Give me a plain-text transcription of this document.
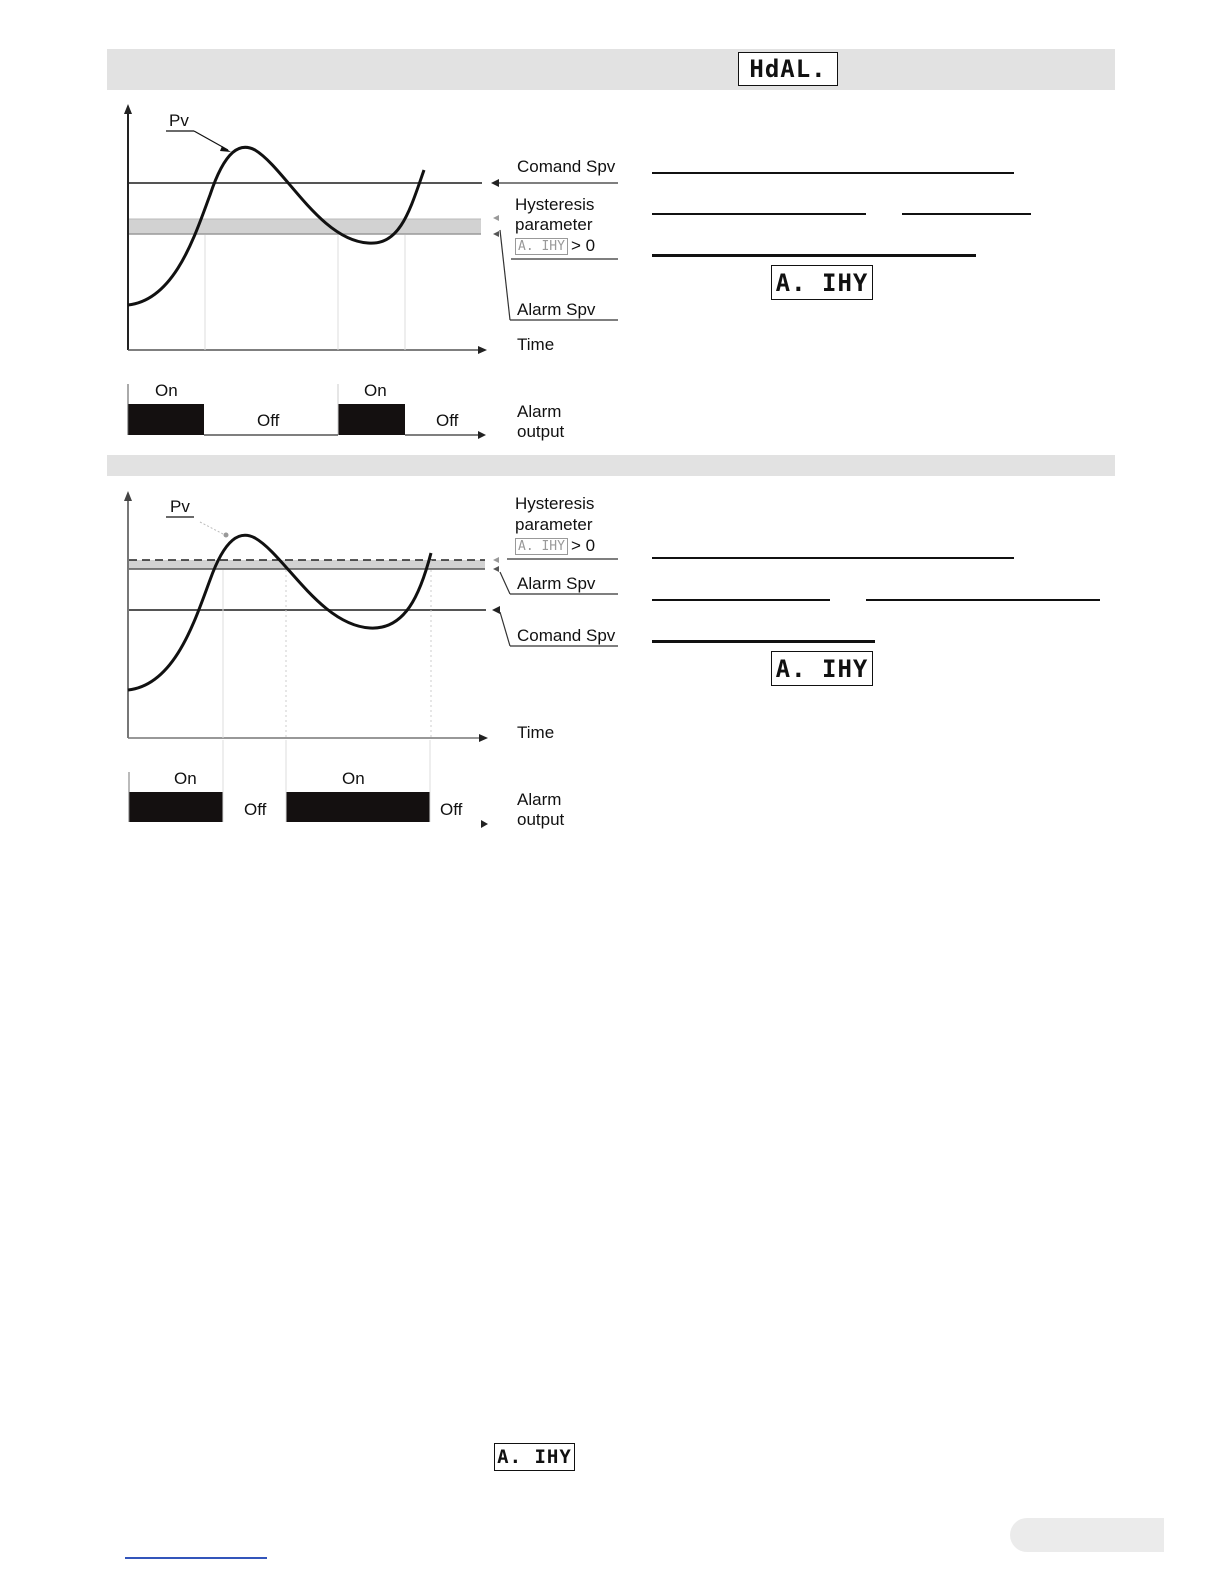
HdAL.
Pv
Comand Spv
Hysteresis
parameter
A. IHY > 0
Alarm Spv
Time
On	On
Off	Off	Alarm
output
A. IHY
Pv	Hysteresis
parameter
A. IHY > 0
Alarm Spv
Comand Spv
Time
On	On
Off	Off
Alarm
output
A. IHY
A. IHY
